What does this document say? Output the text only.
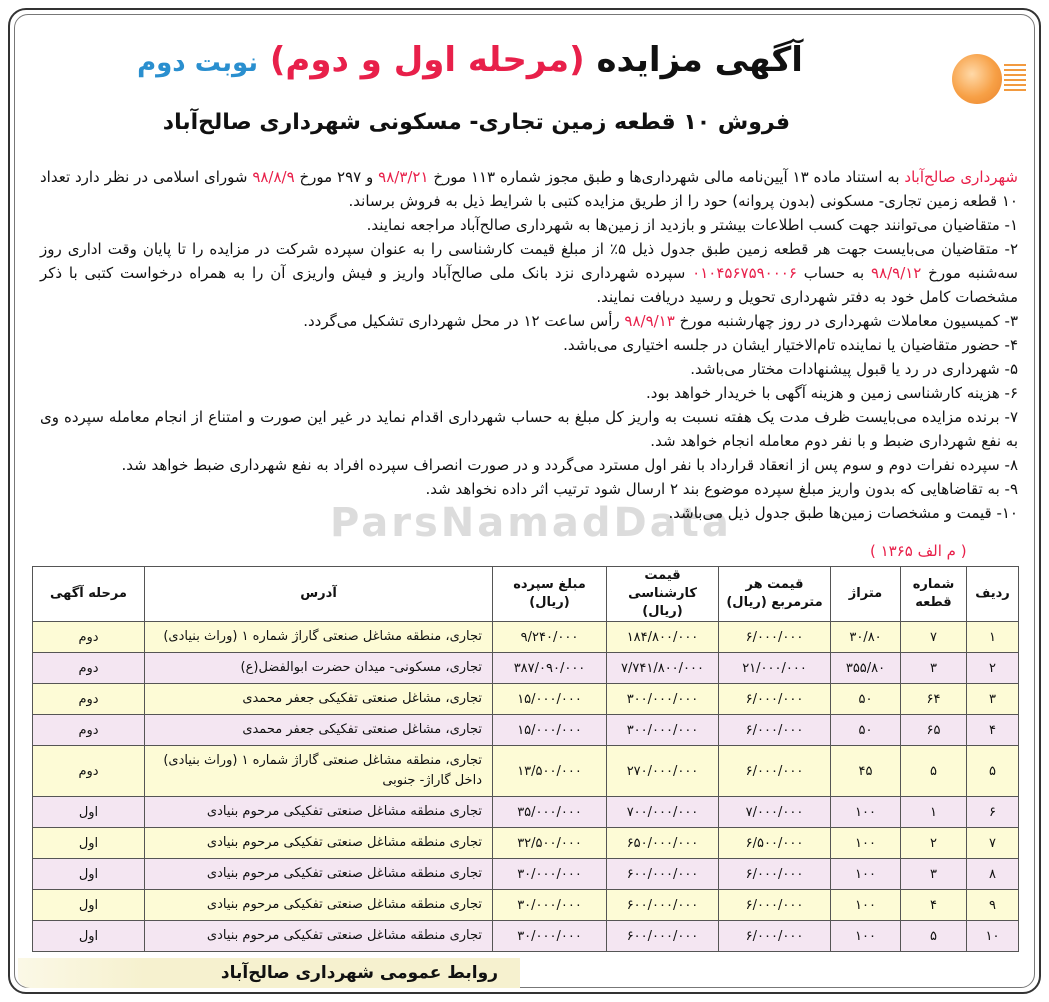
ParsNamadData
آگهی مزایده (مرحله اول و دوم) نوبت دوم
فروش ۱۰ قطعه زمین تجاری- مسکونی شهرداری صالح‌آباد

شهرداری صالح‌آباد به استناد ماده ۱۳ آیین‌نامه مالی شهرداری‌ها و طبق مجوز شماره ۱۱۳ مورخ ۹۸/۳/۲۱ و ۲۹۷ مورخ ۹۸/۸/۹ شورای اسلامی در نظر دارد تعداد ۱۰ قطعه زمین تجاری- مسکونی (بدون پروانه) حود را از طریق مزایده کتبی با شرایط ذیل به فروش برساند.

۱- متقاضیان می‌توانند جهت کسب اطلاعات بیشتر و بازدید از زمین‌ها به شهرداری صالح‌آباد مراجعه نمایند.

۲- متقاضیان می‌بایست جهت هر قطعه زمین طبق جدول ذیل ۵٪ از مبلغ قیمت کارشناسی را به عنوان سپرده شرکت در مزایده را تا پایان وقت اداری روز سه‌شنبه مورخ ۹۸/۹/۱۲ به حساب ۰۱۰۴۵۶۷۵۹۰۰۰۶ سپرده شهرداری نزد بانک ملی صالح‌آباد واریز و فیش واریزی آن را به همراه درخواست کتبی با ذکر مشخصات کامل خود به دفتر شهرداری تحویل و رسید دریافت نمایند.

۳- کمیسیون معاملات شهرداری در روز چهارشنبه مورخ ۹۸/۹/۱۳ رأس ساعت ۱۲ در محل شهرداری تشکیل می‌گردد.

۴- حضور متقاضیان یا نماینده تام‌الاختیار ایشان در جلسه اختیاری می‌باشد.

۵- شهرداری در رد یا قبول پیشنهادات مختار می‌باشد.

۶- هزینه کارشناسی زمین و هزینه آگهی با خریدار خواهد بود.

۷- برنده مزایده می‌بایست ظرف مدت یک هفته نسبت به واریز کل مبلغ به حساب شهرداری اقدام نماید در غیر این صورت و امتناع از انجام معامله سپرده وی به نفع شهرداری ضبط و با نفر دوم معامله انجام خواهد شد.

۸- سپرده نفرات دوم و سوم پس از انعقاد قرارداد با نفر اول مسترد می‌گردد و در صورت انصراف سپرده افراد به نفع شهرداری ضبط خواهد شد.

۹- به تقاضاهایی که بدون واریز مبلغ سپرده موضوع بند ۲ ارسال شود ترتیب اثر داده نخواهد شد.

۱۰- قیمت و مشخصات زمین‌ها طبق جدول ذیل می‌باشد.

( م الف ۱۳۶۵ )
ردیف	شماره قطعه	متراژ	قیمت هر مترمربع (ریال)	قیمت کارشناسی (ریال)	مبلغ سپرده (ریال)	آدرس	مرحله آگهی
۱	۷	۳۰/۸۰	۶/۰۰۰/۰۰۰	۱۸۴/۸۰۰/۰۰۰	۹/۲۴۰/۰۰۰	تجاری، منطقه مشاغل صنعتی گاراژ شماره ۱ (وراث بنیادی)	دوم
۲	۳	۳۵۵/۸۰	۲۱/۰۰۰/۰۰۰	۷/۷۴۱/۸۰۰/۰۰۰	۳۸۷/۰۹۰/۰۰۰	تجاری، مسکونی- میدان حضرت ابوالفضل(ع)	دوم
۳	۶۴	۵۰	۶/۰۰۰/۰۰۰	۳۰۰/۰۰۰/۰۰۰	۱۵/۰۰۰/۰۰۰	تجاری، مشاغل صنعتی تفکیکی جعفر محمدی	دوم
۴	۶۵	۵۰	۶/۰۰۰/۰۰۰	۳۰۰/۰۰۰/۰۰۰	۱۵/۰۰۰/۰۰۰	تجاری، مشاغل صنعتی تفکیکی جعفر محمدی	دوم
۵	۵	۴۵	۶/۰۰۰/۰۰۰	۲۷۰/۰۰۰/۰۰۰	۱۳/۵۰۰/۰۰۰	تجاری، منطقه مشاغل صنعتی گاراژ شماره ۱ (وراث بنیادی) داخل گاراژ- جنوبی	دوم
۶	۱	۱۰۰	۷/۰۰۰/۰۰۰	۷۰۰/۰۰۰/۰۰۰	۳۵/۰۰۰/۰۰۰	تجاری منطقه مشاغل صنعتی تفکیکی مرحوم بنیادی	اول
۷	۲	۱۰۰	۶/۵۰۰/۰۰۰	۶۵۰/۰۰۰/۰۰۰	۳۲/۵۰۰/۰۰۰	تجاری منطقه مشاغل صنعتی تفکیکی مرحوم بنیادی	اول
۸	۳	۱۰۰	۶/۰۰۰/۰۰۰	۶۰۰/۰۰۰/۰۰۰	۳۰/۰۰۰/۰۰۰	تجاری منطقه مشاغل صنعتی تفکیکی مرحوم بنیادی	اول
۹	۴	۱۰۰	۶/۰۰۰/۰۰۰	۶۰۰/۰۰۰/۰۰۰	۳۰/۰۰۰/۰۰۰	تجاری منطقه مشاغل صنعتی تفکیکی مرحوم بنیادی	اول
۱۰	۵	۱۰۰	۶/۰۰۰/۰۰۰	۶۰۰/۰۰۰/۰۰۰	۳۰/۰۰۰/۰۰۰	تجاری منطقه مشاغل صنعتی تفکیکی مرحوم بنیادی	اول
روابط عمومی شهرداری صالح‌آباد
